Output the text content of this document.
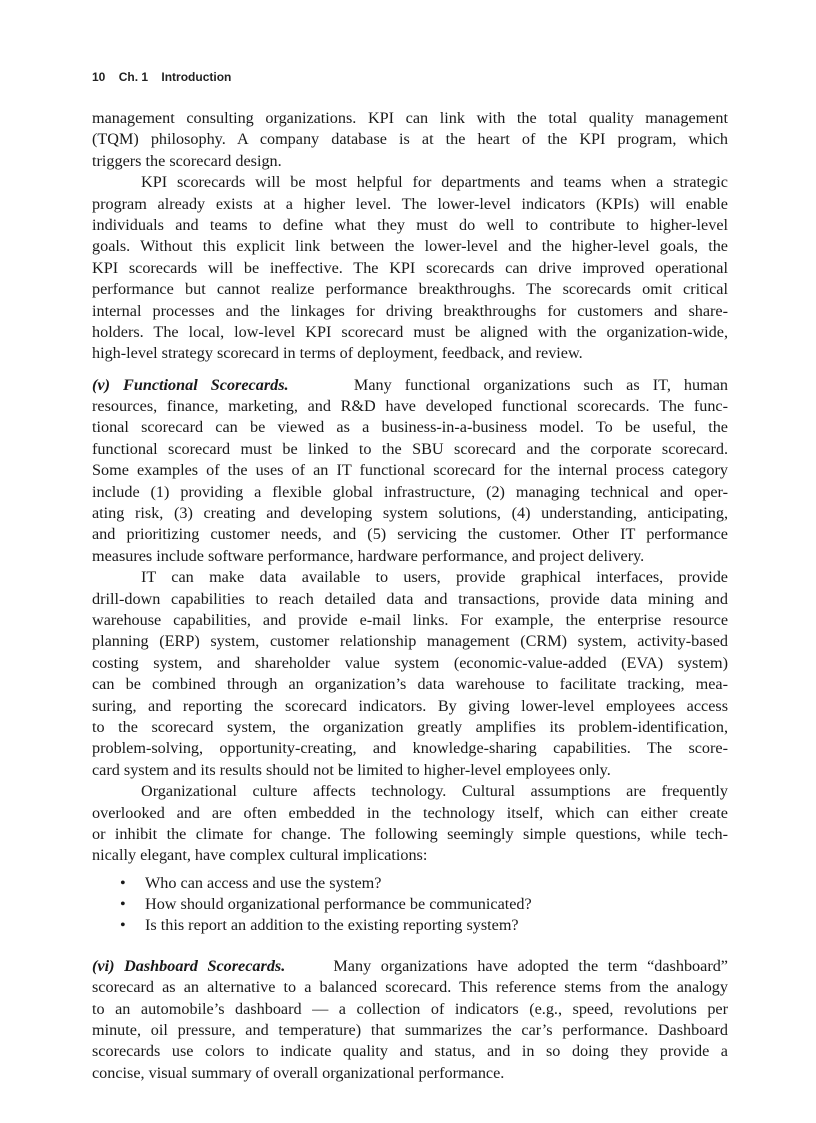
10 Ch. 1 Introduction
management consulting organizations. KPI can link with the total quality management
(TQM) philosophy. A company database is at the heart of the KPI program, which
triggers the scorecard design.
KPI scorecards will be most helpful for departments and teams when a strategic
program already exists at a higher level. The lower-level indicators (KPIs) will enable
individuals and teams to define what they must do well to contribute to higher-level
goals. Without this explicit link between the lower-level and the higher-level goals, the
KPI scorecards will be ineffective. The KPI scorecards can drive improved operational
performance but cannot realize performance breakthroughs. The scorecards omit critical
internal processes and the linkages for driving breakthroughs for customers and share-
holders. The local, low-level KPI scorecard must be aligned with the organization-wide,
high-level strategy scorecard in terms of deployment, feedback, and review.
(v) Functional Scorecards.	Many functional organizations such as IT, human
resources, finance, marketing, and R&D have developed functional scorecards. The func-
tional scorecard can be viewed as a business-in-a-business model. To be useful, the
functional scorecard must be linked to the SBU scorecard and the corporate scorecard.
Some examples of the uses of an IT functional scorecard for the internal process category
include (1) providing a flexible global infrastructure, (2) managing technical and oper-
ating risk, (3) creating and developing system solutions, (4) understanding, anticipating,
and prioritizing customer needs, and (5) servicing the customer. Other IT performance
measures include software performance, hardware performance, and project delivery.
IT can make data available to users, provide graphical interfaces, provide
drill-down capabilities to reach detailed data and transactions, provide data mining and
warehouse capabilities, and provide e-mail links. For example, the enterprise resource
planning (ERP) system, customer relationship management (CRM) system, activity-based
costing system, and shareholder value system (economic-value-added (EVA) system)
can be combined through an organization’s data warehouse to facilitate tracking, mea-
suring, and reporting the scorecard indicators. By giving lower-level employees access
to the scorecard system, the organization greatly amplifies its problem-identification,
problem-solving, opportunity-creating, and knowledge-sharing capabilities. The score-
card system and its results should not be limited to higher-level employees only.
Organizational culture affects technology. Cultural assumptions are frequently
overlooked and are often embedded in the technology itself, which can either create
or inhibit the climate for change. The following seemingly simple questions, while tech-
nically elegant, have complex cultural implications:
• Who can access and use the system?
• How should organizational performance be communicated?
• Is this report an addition to the existing reporting system?
(vi) Dashboard Scorecards.	Many organizations have adopted the term “dashboard”
scorecard as an alternative to a balanced scorecard. This reference stems from the analogy
to an automobile’s dashboard — a collection of indicators (e.g., speed, revolutions per
minute, oil pressure, and temperature) that summarizes the car’s performance. Dashboard
scorecards use colors to indicate quality and status, and in so doing they provide a
concise, visual summary of overall organizational performance.
